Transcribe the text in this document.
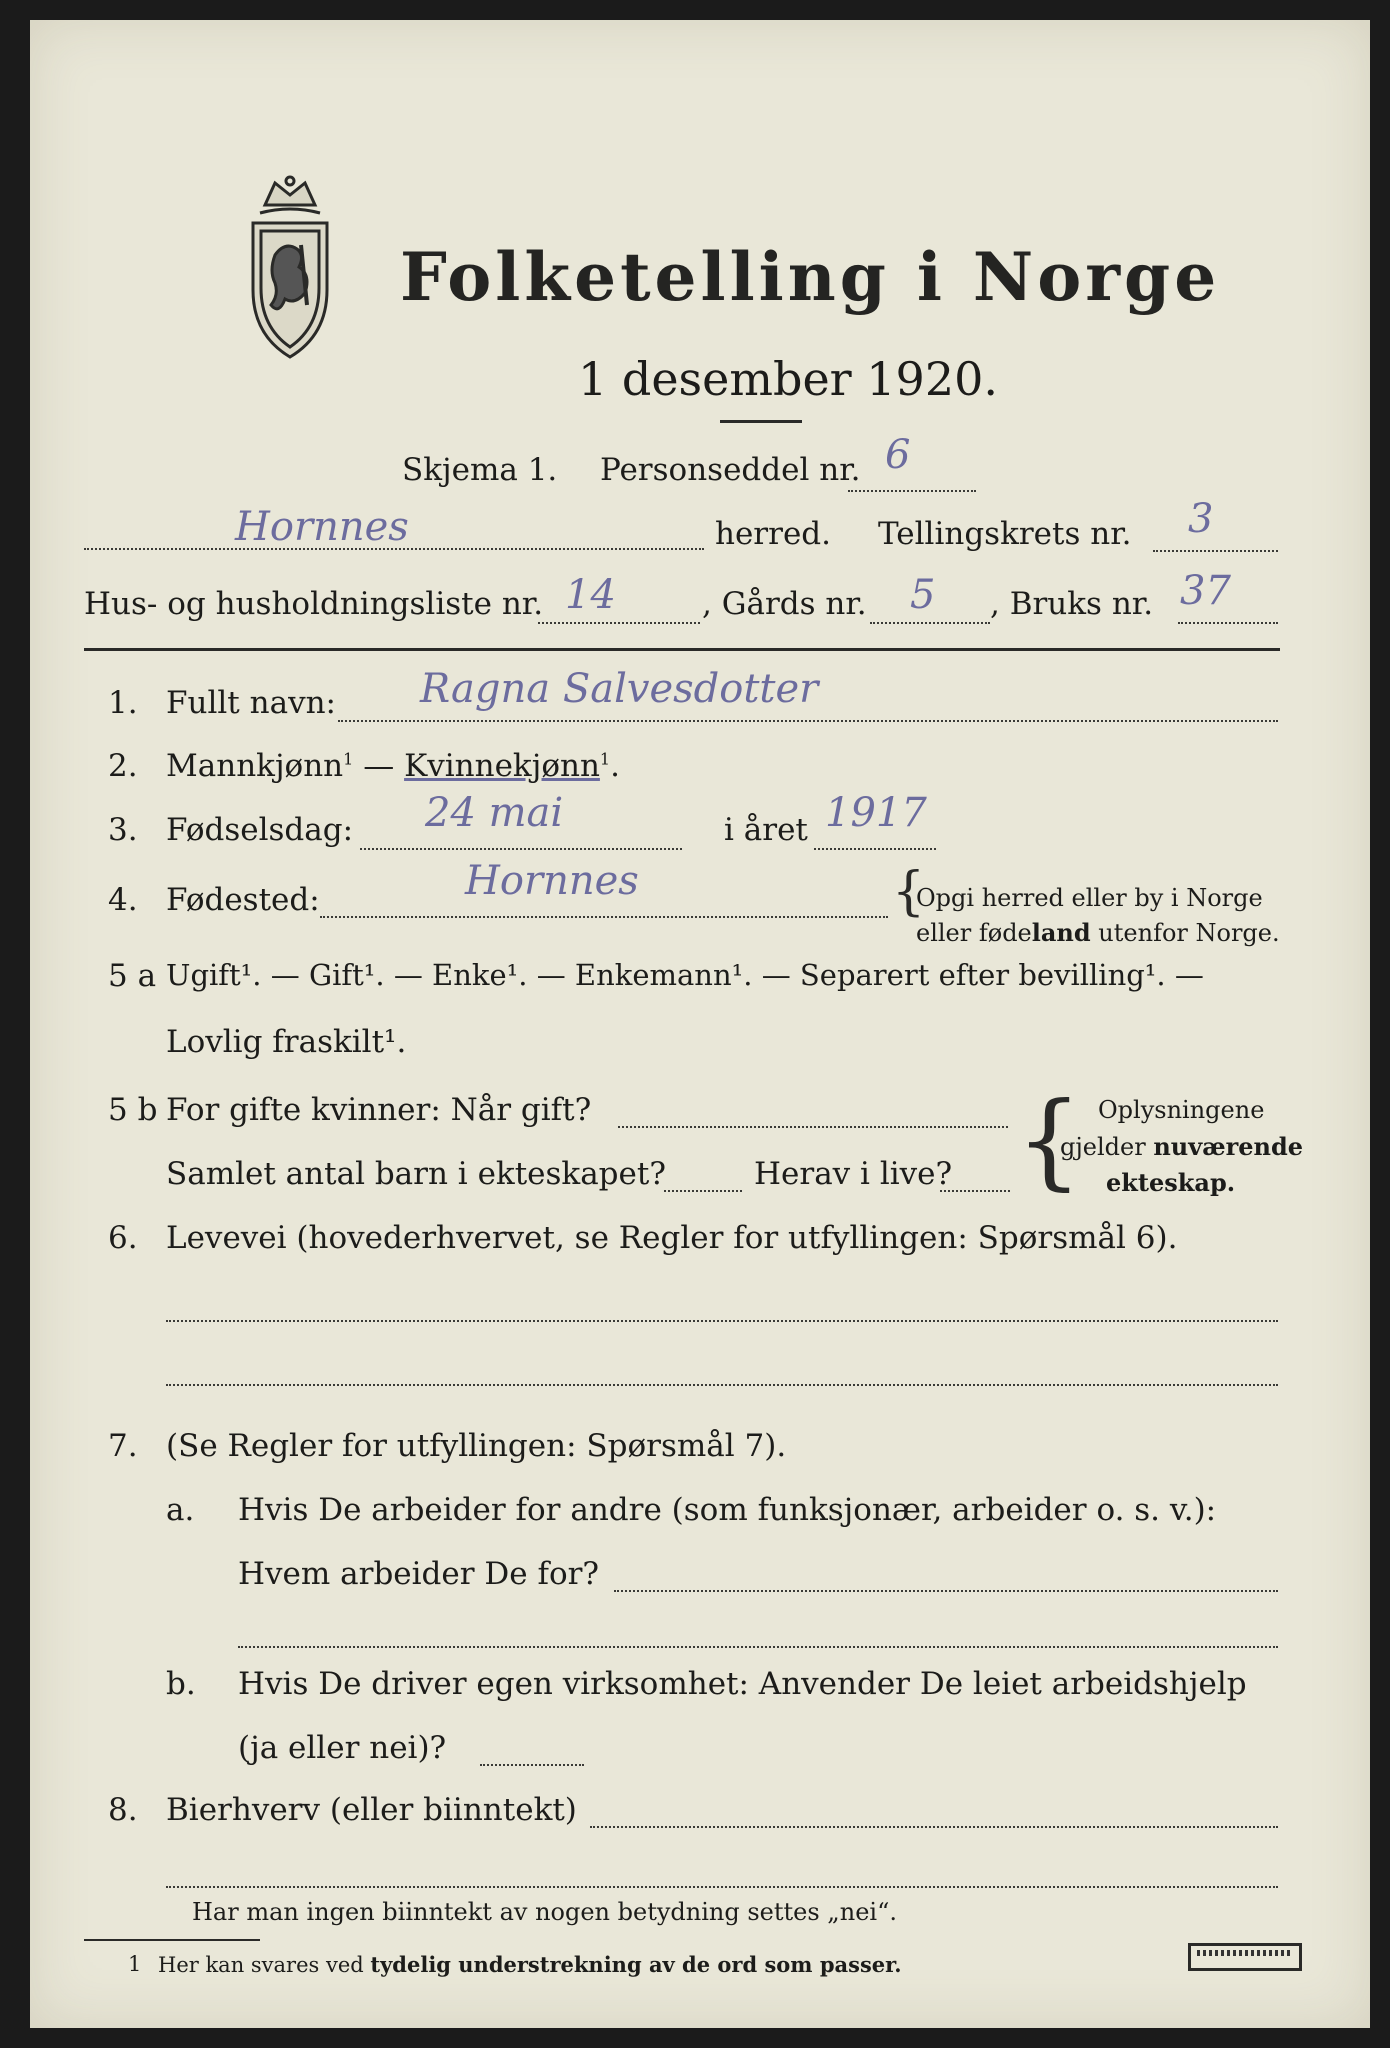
Folketelling i Norge
1 desember 1920.
Skjema 1. Personseddel nr. 6
Hornnes	herred. Tellingskrets nr. 3
Hus- og husholdningsliste nr. 14	, Gårds nr. 5 , Bruks nr. 37
1. Fullt navn: Ragna Salvesdotter
2. Mannkjønn$^1$ — Kvinnekjønn$^1$.
3. Fødselsdag: 24 mai	i året 1917
4. Fødested:	Hornnes	{
Opgi herred eller by i Norge
eller fødeland utenfor Norge.
5 a Ugift¹. — Gift¹. — Enke¹. — Enkemann¹. — Separert efter bevilling¹. —
Lovlig fraskilt¹.
5 b For gifte kvinner: Når gift?
Samlet antal barn i ekteskapet?	Herav i live? { Oplysningene
gjelder nuværende
ekteskap.
6. Levevei (hovederhvervet, se Regler for utfyllingen: Spørsmål 6).
7. (Se Regler for utfyllingen: Spørsmål 7).
a. Hvis De arbeider for andre (som funksjonær, arbeider o. s. v.):
Hvem arbeider De for?
b. Hvis De driver egen virksomhet: Anvender De leiet arbeidshjelp
(ja eller nei)?
8. Bierhverv (eller biinntekt)
Har man ingen biinntekt av nogen betydning settes „nei“.
1 Her kan svares ved tydelig understrekning av de ord som passer.
